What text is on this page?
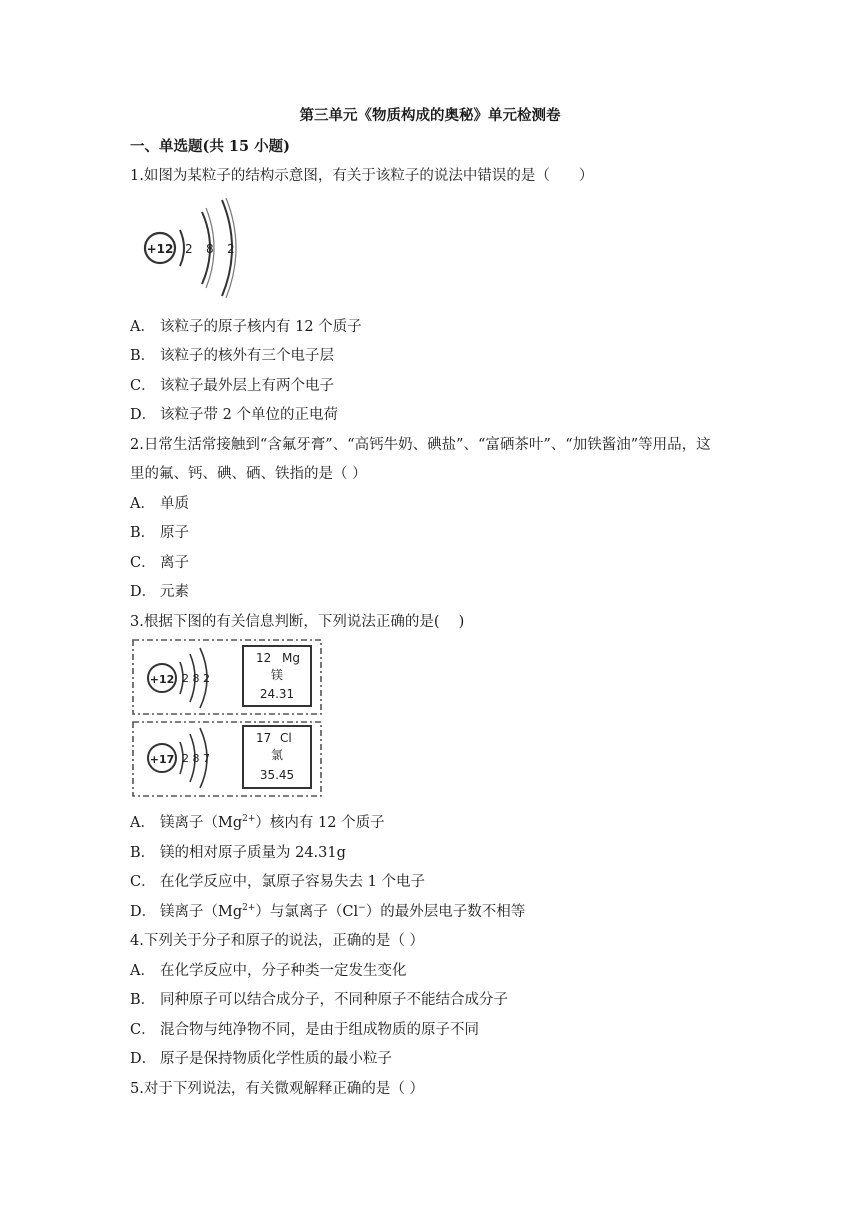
第三单元《物质构成的奥秘》单元检测卷
一、单选题(共 15 小题)
1.如图为某粒子的结构示意图，有关于该粒子的说法中错误的是（　　）
+12 2 8 2
A． 该粒子的原子核内有 12 个质子
B． 该粒子的核外有三个电子层
C． 该粒子最外层上有两个电子
D． 该粒子带 2 个单位的正电荷
2.日常生活常接触到“含氟牙膏”、“高钙牛奶、碘盐”、“富硒茶叶”、“加铁酱油”等用品，这
里的氟、钙、碘、硒、铁指的是（ ）
A． 单质
B． 原子
C． 离子
D． 元素
3.根据下图的有关信息判断，下列说法正确的是(　 )
+12 2 8 2
12 Mg
镁
24.31
+17 2 8 7
17 Cl
氯
35.45
A． 镁离子$(Mg^{2+})$核内有 12 个质子
B． 镁的相对原子质量为 24.31g
C． 在化学反应中，氯原子容易失去 1 个电子
D． 镁离子$(Mg^{2+})$与氯离子（Cl−）的最外层电子数不相等
4.下列关于分子和原子的说法，正确的是（ ）
A． 在化学反应中，分子种类一定发生变化
B． 同种原子可以结合成分子，不同种原子不能结合成分子
C． 混合物与纯净物不同，是由于组成物质的原子不同
D． 原子是保持物质化学性质的最小粒子
5.对于下列说法，有关微观解释正确的是（ ）
